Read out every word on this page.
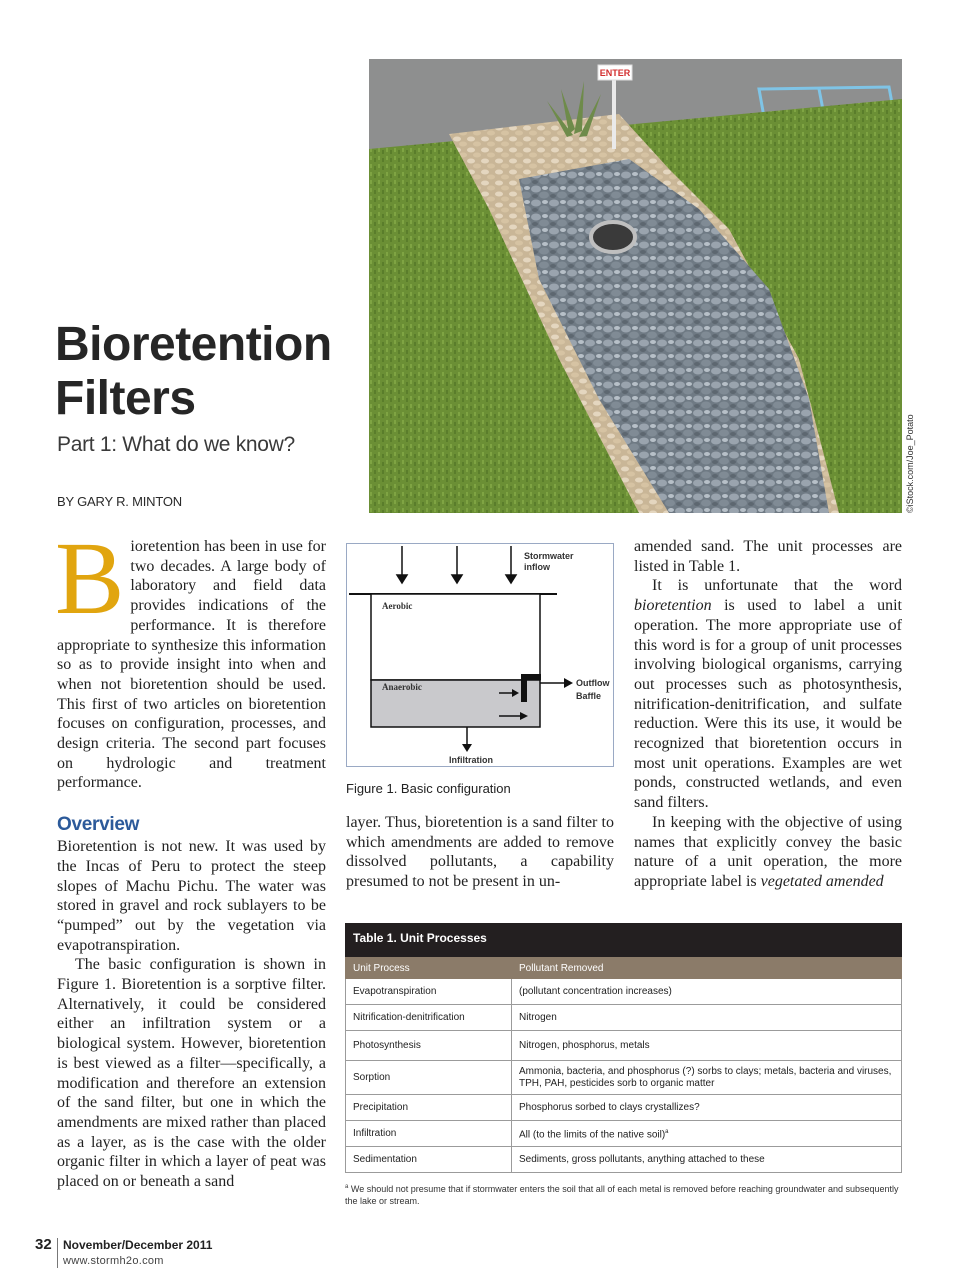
ENTER
©iStock.com/Joe_Potato
Bioretention
Filters
Part 1: What do we know?
BY GARY R. MINTON

Bioretention has been in use for two decades. A large body of laboratory and field data provides indications of the performance. It is therefore appropriate to synthesize this information so as to provide insight into when and when not bioretention should be used. This first of two articles on bioretention focuses on configuration, processes, and design criteria. The second part focuses on hydrologic and treatment performance.

Overview

Bioretention is not new. It was used by the Incas of Peru to protect the steep slopes of Machu Pichu. The water was stored in gravel and rock sublayers to be “pumped” out by the vegetation via evapotranspiration.

The basic configuration is shown in Figure 1. Bioretention is a sorptive filter. Alternatively, it could be considered either an infiltration system or a biological system. However, bioretention is best viewed as a filter—specifically, a modification and therefore an extension of the sand filter, but one in which the amendments are mixed rather than placed as a layer, as is the case with the older organic filter in which a layer of peat was placed on or beneath a sand

Stormwater
inflow
Outflow
Baffle
Infiltration
Aerobic
Anaerobic
Figure 1. Basic configuration

layer. Thus, bioretention is a sand filter to which amendments are added to remove dissolved pollutants, a capability presumed to not be present in un-

amended sand. The unit processes are listed in Table 1.

It is unfortunate that the word bioretention is used to label a unit operation. The more appropriate use of this word is for a group of unit processes involving biological organisms, carrying out processes such as photosynthesis, nitrification-denitrification, and sulfate reduction. Were this its use, it would be recognized that bioretention occurs in most unit operations. Examples are wet ponds, constructed wetlands, and even sand filters.

In keeping with the objective of using names that explicitly convey the basic nature of a unit operation, the more appropriate label is vegetated amended

Table 1. Unit Processes
Unit Process	Pollutant Removed
Evapotranspiration	(pollutant concentration increases)
Nitrification-denitrification	Nitrogen
Photosynthesis	Nitrogen, phosphorus, metals
Sorption	Ammonia, bacteria, and phosphorus (?) sorbs to clays; metals, bacteria and viruses, TPH, PAH, pesticides sorb to organic matter
Precipitation	Phosphorus sorbed to clays crystallizes?
Infiltration	All (to the limits of the native soil)$^a$
Sedimentation	Sediments, gross pollutants, anything attached to these
$^a$ We should not presume that if stormwater enters the soil that all of each metal is removed before reaching groundwater and subsequently the lake or stream.
32 November/December 2011
www.stormh2o.com
